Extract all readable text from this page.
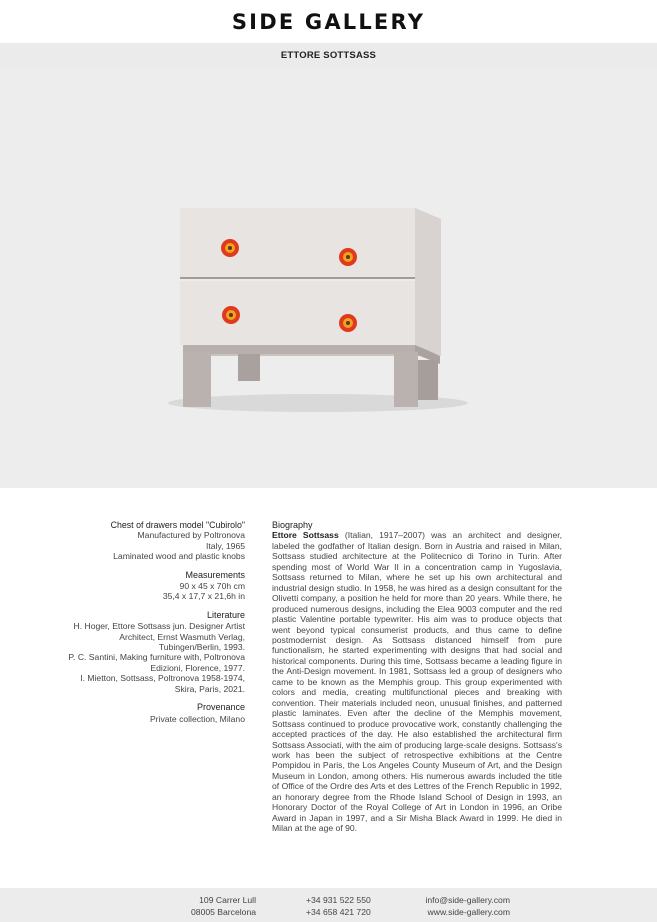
SIDE GALLERY
ETTORE SOTTSASS
Chest of drawers model "Cubirolo"
Manufactured by Poltronova
Italy, 1965
Laminated wood and plastic knobs
Measurements
90 x 45 x 70h cm
35,4 x 17,7 x 21,6h in
Literature
H. Hoger, Ettore Sottsass jun. Designer Artist Architect, Ernst Wasmuth Verlag, Tubingen/Berlin, 1993.
P. C. Santini, Making furniture with, Poltronova Edizioni, Florence, 1977.
I. Mietton, Sottsass, Poltronova 1958-1974, Skira, Paris, 2021.
Provenance
Private collection, Milano
Biography

Ettore Sottsass (Italian, 1917–2007) was an architect and designer, labeled the godfather of Italian design. Born in Austria and raised in Milan, Sottsass studied architecture at the Politecnico di Torino in Turin. After spending most of World War II in a concentration camp in Yugoslavia, Sottsass returned to Milan, where he set up his own architectural and industrial design studio. In 1958, he was hired as a design consultant for the Olivetti company, a position he held for more than 20 years. While there, he produced numerous designs, including the Elea 9003 computer and the red plastic Valentine portable typewriter. His aim was to produce objects that went beyond typical consumerist products, and thus came to define postmodernist design. As Sottsass distanced himself from pure functionalism, he started experimenting with designs that had social and historical components. During this time, Sottsass became a leading figure in the Anti-Design movement. In 1981, Sottsass led a group of designers who came to be known as the Memphis group. This group experimented with colors and media, creating multifunctional pieces and breaking with convention. Their materials included neon, unusual finishes, and patterned plastic laminates. Even after the decline of the Memphis movement, Sottsass continued to produce provocative work, constantly challenging the accepted practices of the day. He also established the architectural firm Sottsass Associati, with the aim of producing large-scale designs. Sottsass's work has been the subject of retrospective exhibitions at the Centre Pompidou in Paris, the Los Angeles County Museum of Art, and the Design Museum in London, among others. His numerous awards included the title of Office of the Ordre des Arts et des Lettres of the French Republic in 1992, an honorary degree from the Rhode Island School of Design in 1993, an Honorary Doctor of the Royal College of Art in London in 1996, an Oribe Award in Japan in 1997, and a Sir Misha Black Award in 1999. He died in Milan at the age of 90.

109 Carrer Lull
08005 Barcelona
+34 931 522 550
+34 658 421 720
info@side-gallery.com
www.side-gallery.com
